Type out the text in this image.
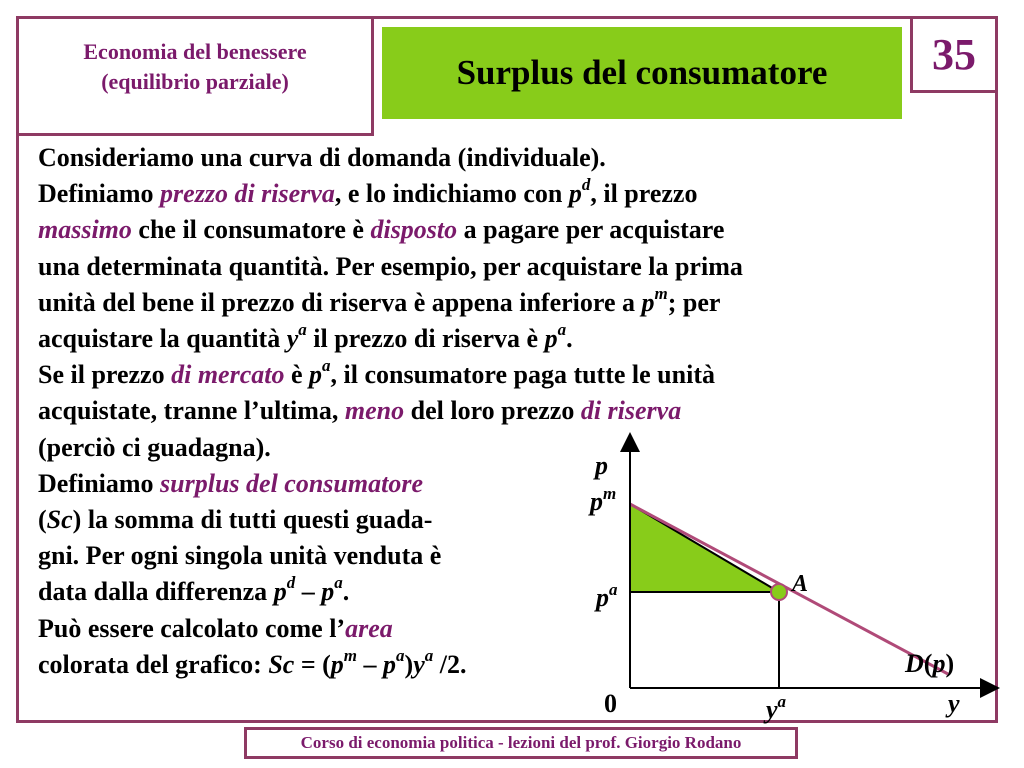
Economia del benessere
(equilibrio parziale)	Surplus del consumatore	35

Consideriamo una curva di domanda (individuale).

Definiamo prezzo di riserva, e lo indichiamo con $p^d$, il prezzo

massimo che il consumatore è disposto a pagare per acquistare

una determinata quantità. Per esempio, per acquistare la prima

unità del bene il prezzo di riserva è appena inferiore a $p^m$; per

acquistare la quantità $y^a$ il prezzo di riserva è $p^a$.

Se il prezzo di mercato è $p^a$, il consumatore paga tutte le unità

acquistate, tranne l’ultima, meno del loro prezzo di riserva

(perciò ci guadagna).

Definiamo surplus del consumatore

(Sc) la somma di tutti questi guada-

gni. Per ogni singola unità venduta è

data dalla differenza $p^d - p^a$.

Può essere calcolato come l’area

colorata del grafico: $Sc = (p^m - p^a)y^a$ /2.

p
$p^m$
$p^a$	A
D(p)
0	$y^a$	y
Corso di economia politica - lezioni del prof. Giorgio Rodano
